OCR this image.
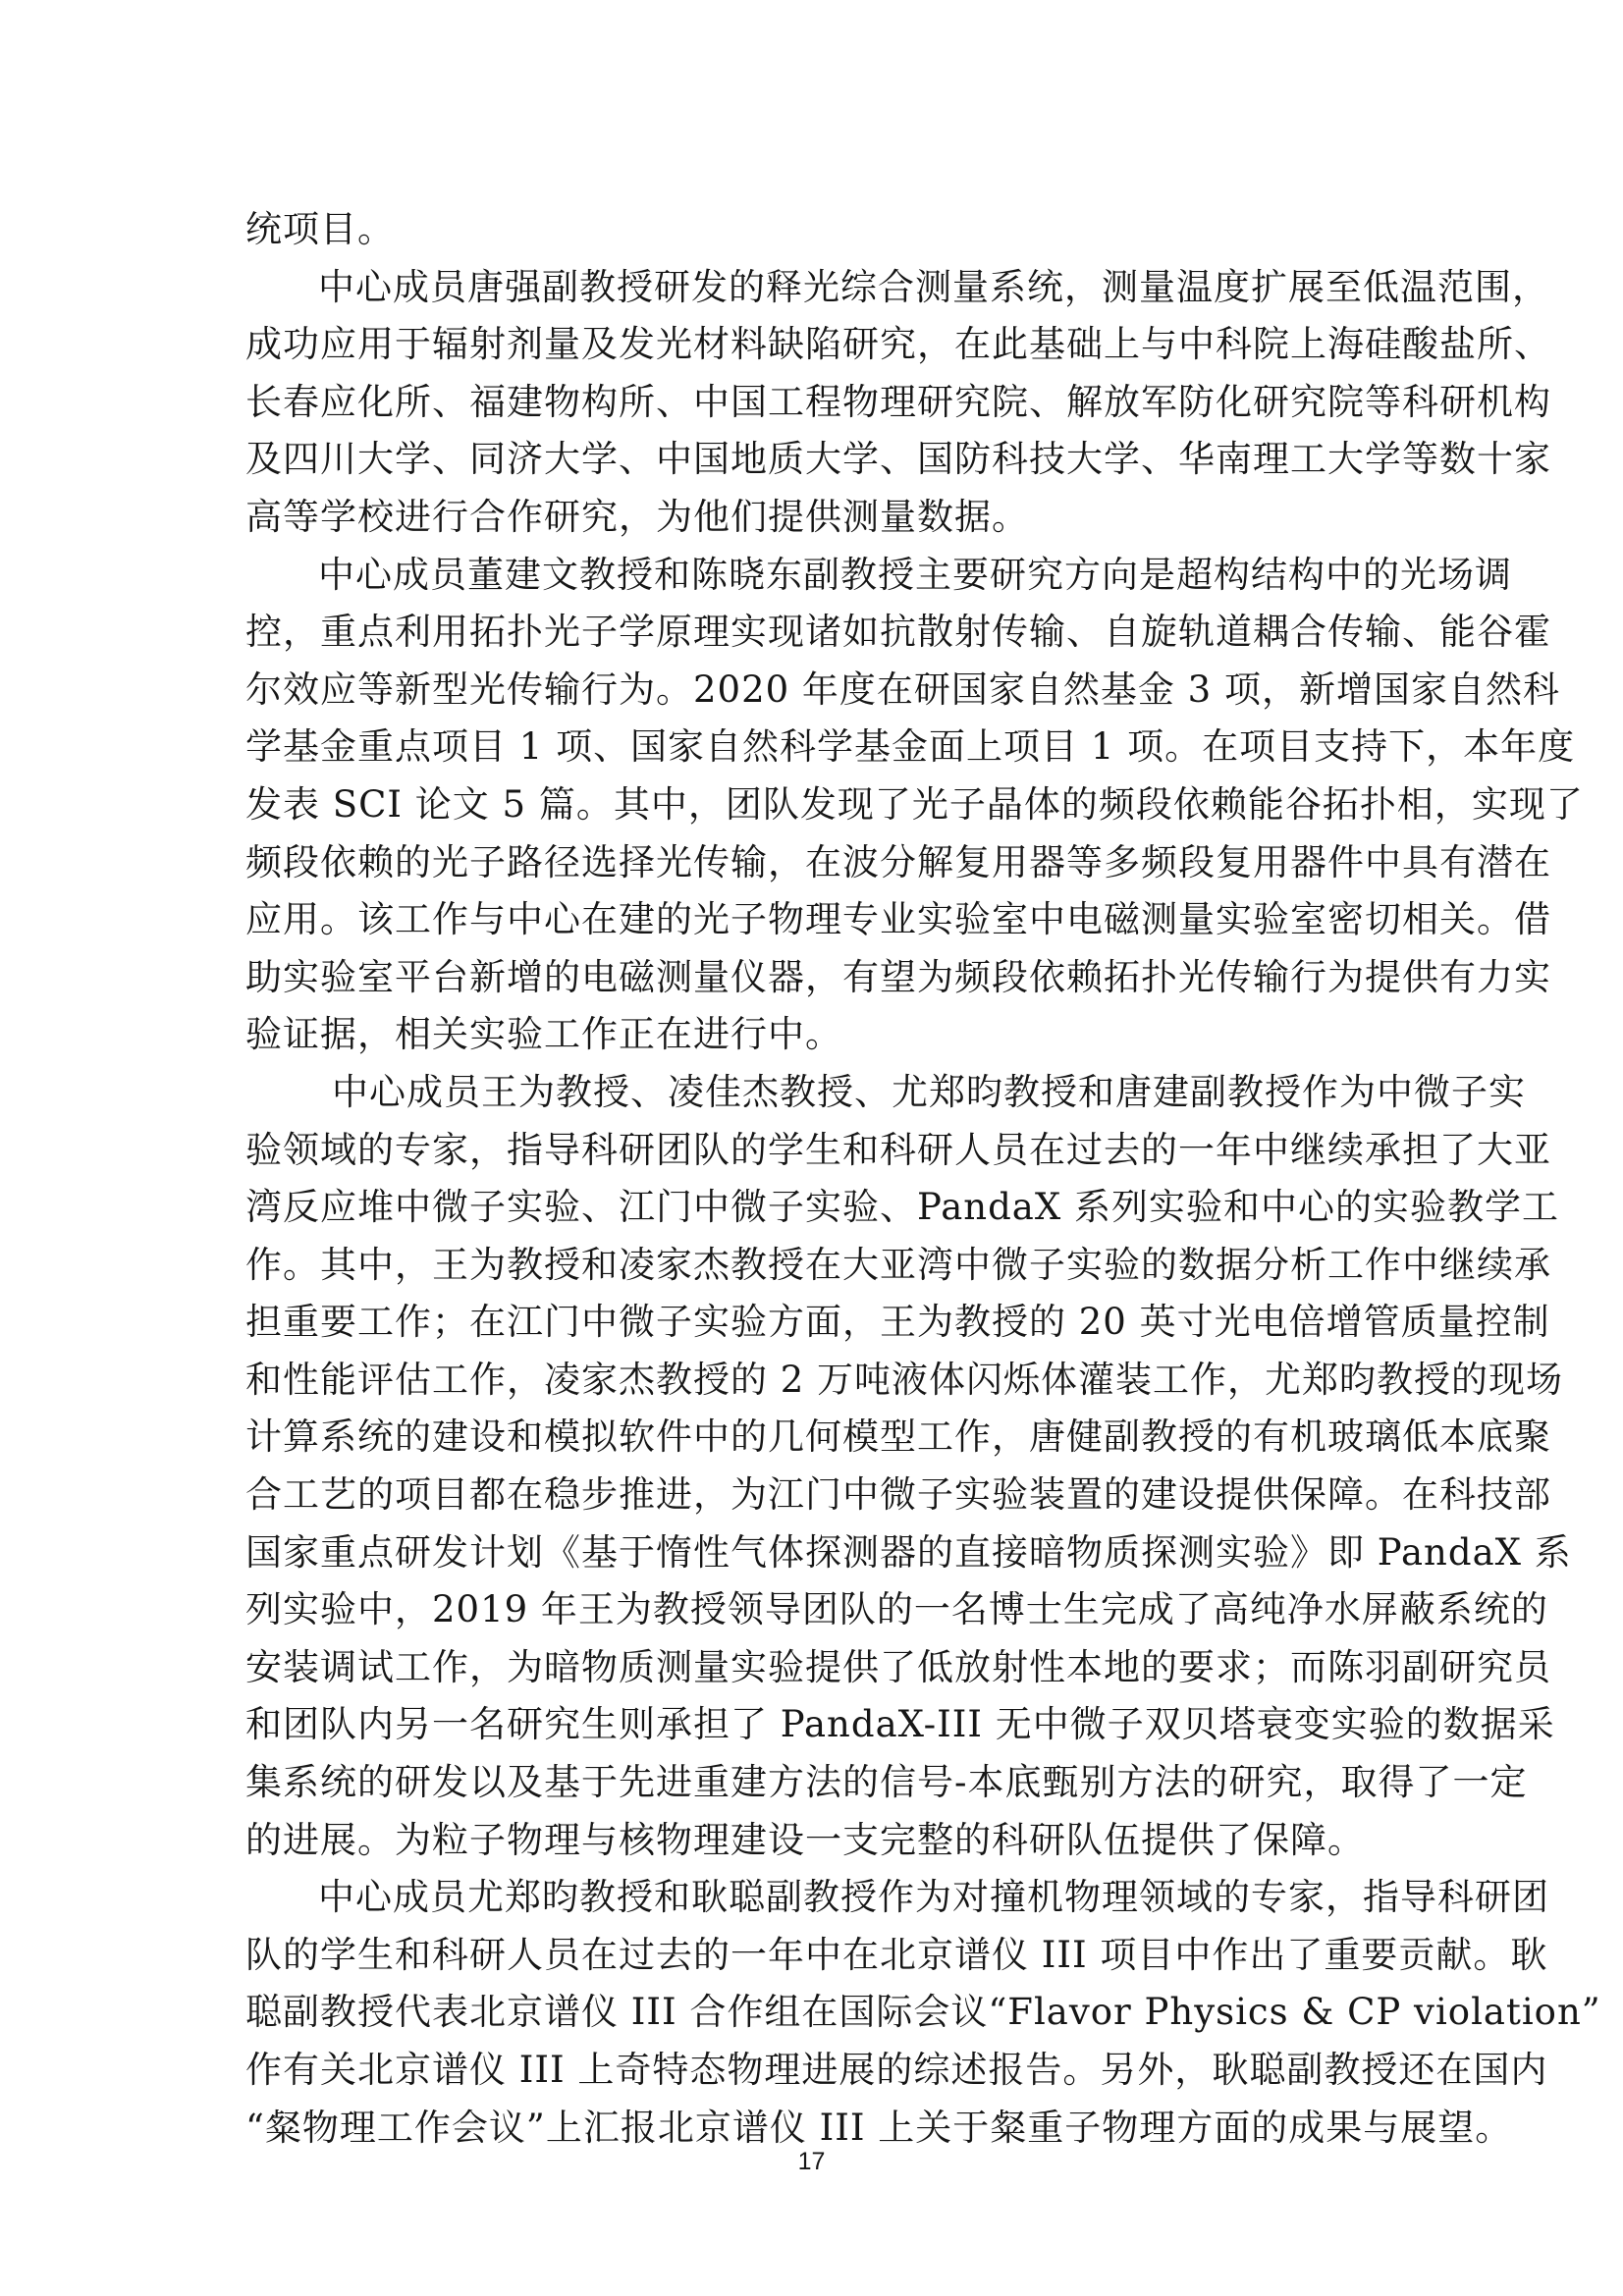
统项目。
中心成员唐强副教授研发的释光综合测量系统，测量温度扩展至低温范围，
成功应用于辐射剂量及发光材料缺陷研究，在此基础上与中科院上海硅酸盐所、
长春应化所、福建物构所、中国工程物理研究院、解放军防化研究院等科研机构
及四川大学、同济大学、中国地质大学、国防科技大学、华南理工大学等数十家
高等学校进行合作研究，为他们提供测量数据。
中心成员董建文教授和陈晓东副教授主要研究方向是超构结构中的光场调
控，重点利用拓扑光子学原理实现诸如抗散射传输、自旋轨道耦合传输、能谷霍
尔效应等新型光传输行为。2020 年度在研国家自然基金 3 项，新增国家自然科
学基金重点项目 1 项、国家自然科学基金面上项目 1 项。在项目支持下，本年度
发表 SCI 论文 5 篇。其中，团队发现了光子晶体的频段依赖能谷拓扑相，实现了
频段依赖的光子路径选择光传输，在波分解复用器等多频段复用器件中具有潜在
应用。该工作与中心在建的光子物理专业实验室中电磁测量实验室密切相关。借
助实验室平台新增的电磁测量仪器，有望为频段依赖拓扑光传输行为提供有力实
验证据，相关实验工作正在进行中。
中心成员王为教授、凌佳杰教授、尤郑昀教授和唐建副教授作为中微子实
验领域的专家，指导科研团队的学生和科研人员在过去的一年中继续承担了大亚
湾反应堆中微子实验、江门中微子实验、PandaX 系列实验和中心的实验教学工
作。其中，王为教授和凌家杰教授在大亚湾中微子实验的数据分析工作中继续承
担重要工作；在江门中微子实验方面，王为教授的 20 英寸光电倍增管质量控制
和性能评估工作，凌家杰教授的 2 万吨液体闪烁体灌装工作，尤郑昀教授的现场
计算系统的建设和模拟软件中的几何模型工作，唐健副教授的有机玻璃低本底聚
合工艺的项目都在稳步推进，为江门中微子实验装置的建设提供保障。在科技部
国家重点研发计划《基于惰性气体探测器的直接暗物质探测实验》即 PandaX 系
列实验中，2019 年王为教授领导团队的一名博士生完成了高纯净水屏蔽系统的
安装调试工作，为暗物质测量实验提供了低放射性本地的要求；而陈羽副研究员
和团队内另一名研究生则承担了 PandaX-III 无中微子双贝塔衰变实验的数据采
集系统的研发以及基于先进重建方法的信号-本底甄别方法的研究，取得了一定
的进展。为粒子物理与核物理建设一支完整的科研队伍提供了保障。
中心成员尤郑昀教授和耿聪副教授作为对撞机物理领域的专家，指导科研团
队的学生和科研人员在过去的一年中在北京谱仪 III 项目中作出了重要贡献。耿
聪副教授代表北京谱仪 III 合作组在国际会议“Flavor Physics & CP violation”
作有关北京谱仪 III 上奇特态物理进展的综述报告。另外，耿聪副教授还在国内
“粲物理工作会议”上汇报北京谱仪 III 上关于粲重子物理方面的成果与展望。
17
